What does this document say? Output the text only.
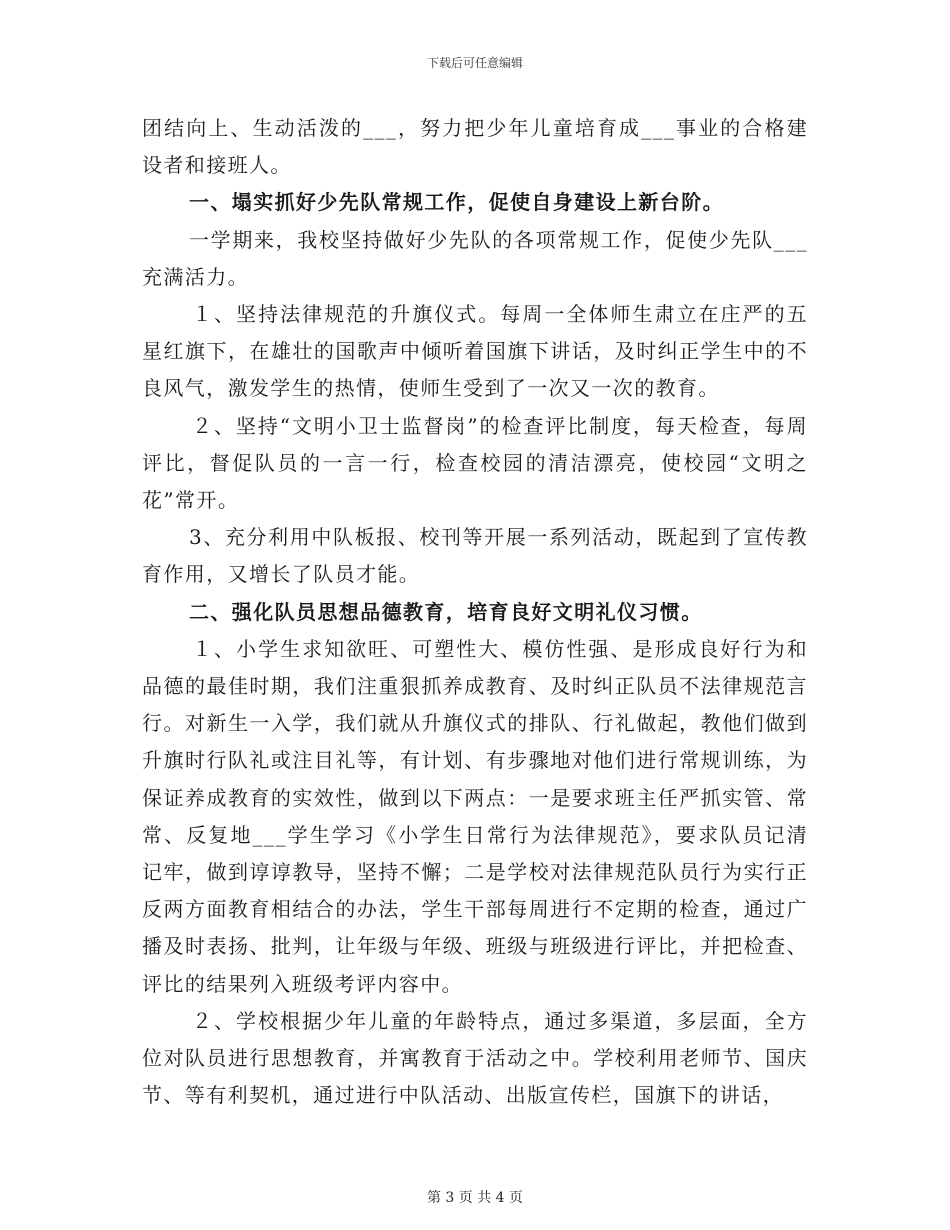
下载后可任意编辑

团结向上、生动活泼的___，努力把少年儿童培育成___事业的合格建设者和接班人。

一、塌实抓好少先队常规工作，促使自身建设上新台阶。

一学期来，我校坚持做好少先队的各项常规工作，促使少先队___充满活力。

１、坚持法律规范的升旗仪式。每周一全体师生肃立在庄严的五星红旗下，在雄壮的国歌声中倾听着国旗下讲话，及时纠正学生中的不良风气，激发学生的热情，使师生受到了一次又一次的教育。

２、坚持“文明小卫士监督岗”的检查评比制度，每天检查，每周评比，督促队员的一言一行，检查校园的清洁漂亮，使校园“文明之花”常开。

3、充分利用中队板报、校刊等开展一系列活动，既起到了宣传教育作用，又增长了队员才能。

二、强化队员思想品德教育，培育良好文明礼仪习惯。

１、小学生求知欲旺、可塑性大、模仿性强、是形成良好行为和品德的最佳时期，我们注重狠抓养成教育、及时纠正队员不法律规范言行。对新生一入学，我们就从升旗仪式的排队、行礼做起，教他们做到升旗时行队礼或注目礼等，有计划、有步骤地对他们进行常规训练，为保证养成教育的实效性，做到以下两点：一是要求班主任严抓实管、常常、反复地___学生学习《小学生日常行为法律规范》，要求队员记清记牢，做到谆谆教导，坚持不懈；二是学校对法律规范队员行为实行正反两方面教育相结合的办法，学生干部每周进行不定期的检查，通过广播及时表扬、批判，让年级与年级、班级与班级进行评比，并把检查、评比的结果列入班级考评内容中。

２、学校根据少年儿童的年龄特点，通过多渠道，多层面，全方位对队员进行思想教育，并寓教育于活动之中。学校利用老师节、国庆节、等有利契机，通过进行中队活动、出版宣传栏，国旗下的讲话，

第 3 页 共 4 页
